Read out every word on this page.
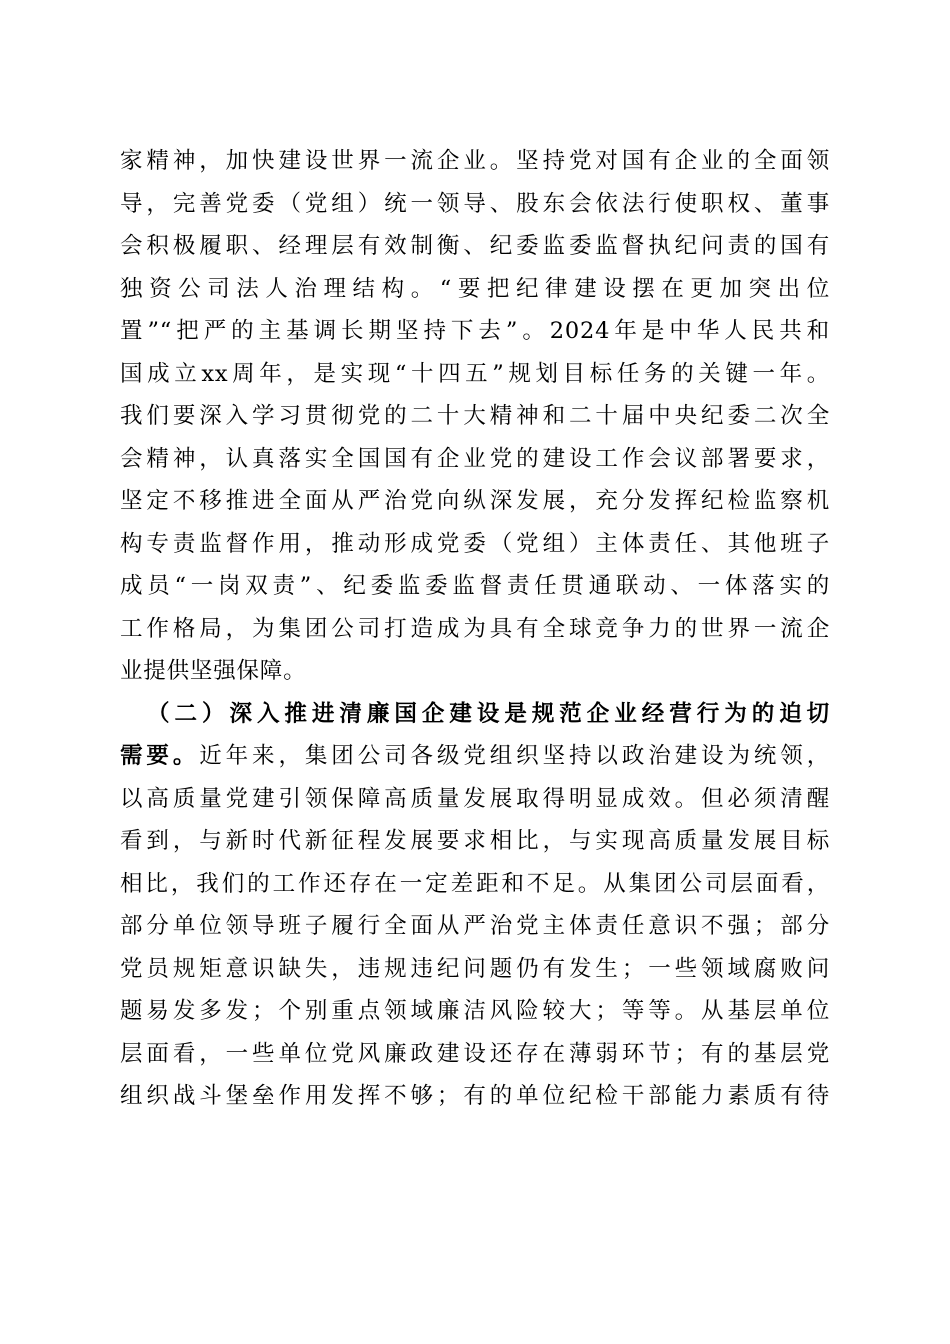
家精神，加快建设世界一流企业。坚持党对国有企业的全面领
导，完善党委（党组）统一领导、股东会依法行使职权、董事
会积极履职、经理层有效制衡、纪委监委监督执纪问责的国有
独资公司法人治理结构。“要把纪律建设摆在更加突出位
置”“把严的主基调长期坚持下去”。2024年是中华人民共和
国成立xx周年，是实现“十四五”规划目标任务的关键一年。
我们要深入学习贯彻党的二十大精神和二十届中央纪委二次全
会精神，认真落实全国国有企业党的建设工作会议部署要求，
坚定不移推进全面从严治党向纵深发展，充分发挥纪检监察机
构专责监督作用，推动形成党委（党组）主体责任、其他班子
成员“一岗双责”、纪委监委监督责任贯通联动、一体落实的
工作格局，为集团公司打造成为具有全球竞争力的世界一流企
业提供坚强保障。
（二）深入推进清廉国企建设是规范企业经营行为的迫切
需要。近年来，集团公司各级党组织坚持以政治建设为统领，
以高质量党建引领保障高质量发展取得明显成效。但必须清醒
看到，与新时代新征程发展要求相比，与实现高质量发展目标
相比，我们的工作还存在一定差距和不足。从集团公司层面看，
部分单位领导班子履行全面从严治党主体责任意识不强；部分
党员规矩意识缺失，违规违纪问题仍有发生；一些领域腐败问
题易发多发；个别重点领域廉洁风险较大；等等。从基层单位
层面看，一些单位党风廉政建设还存在薄弱环节；有的基层党
组织战斗堡垒作用发挥不够；有的单位纪检干部能力素质有待
